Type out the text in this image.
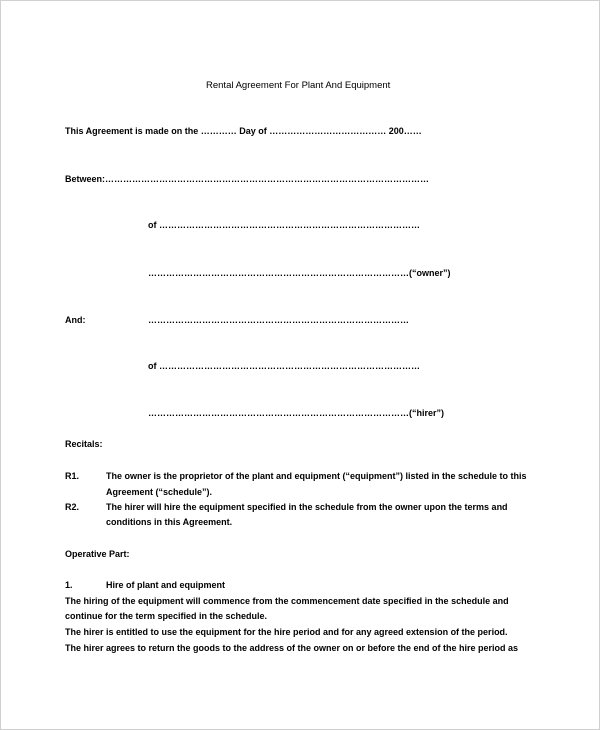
Rental Agreement For Plant And Equipment
This Agreement is made on the ………… Day of ………………………………… 200……
Between:………………………………………………………………………………………………
of ……………………………………………………………………………
……………………………………………………………………………(“owner”)
And:	……………………………………………………………………………
of ……………………………………………………………………………
……………………………………………………………………………(“hirer”)
Recitals:
R1.	The owner is the proprietor of the plant and equipment (“equipment”) listed in the schedule to this
Agreement (“schedule”).
R2.	The hirer will hire the equipment specified in the schedule from the owner upon the terms and
conditions in this Agreement.
Operative Part:
1.	Hire of plant and equipment
The hiring of the equipment will commence from the commencement date specified in the schedule and
continue for the term specified in the schedule.
The hirer is entitled to use the equipment for the hire period and for any agreed extension of the period.
The hirer agrees to return the goods to the address of the owner on or before the end of the hire period as
